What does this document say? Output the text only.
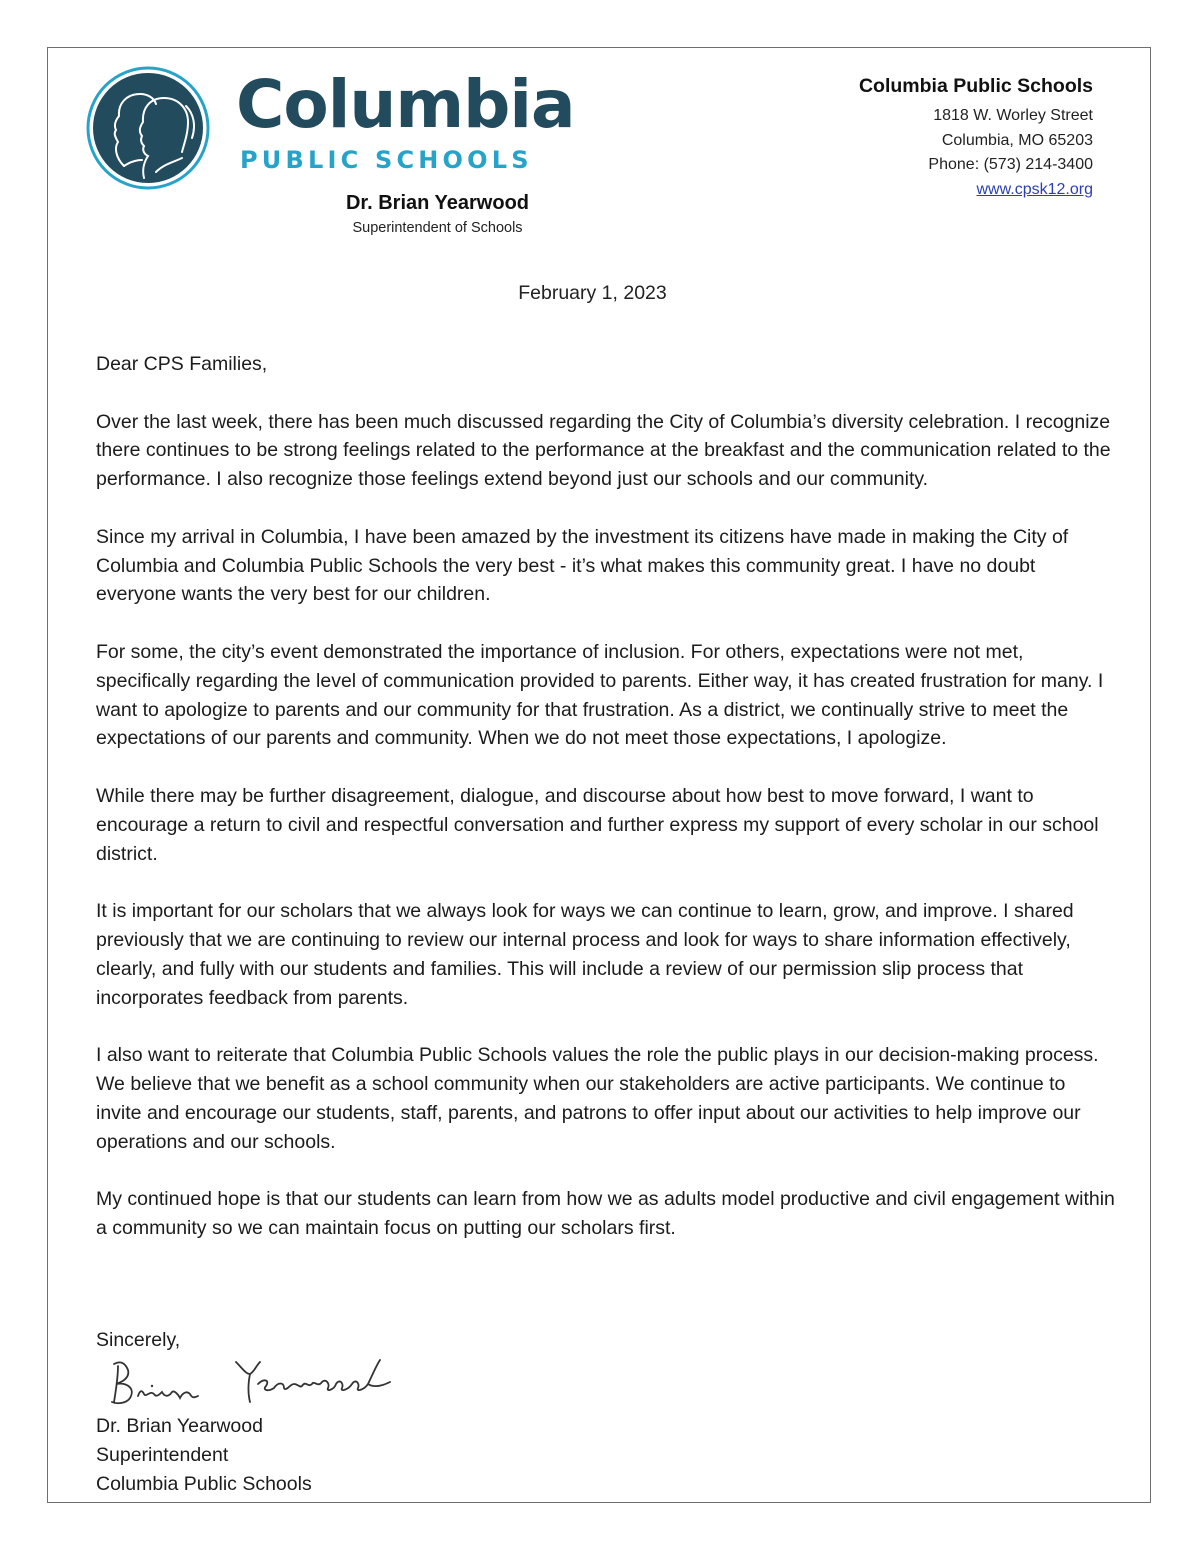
Columbia
PUBLIC SCHOOLS
Dr. Brian Yearwood
Superintendent of Schools
Columbia Public Schools
1818 W. Worley Street
Columbia, MO 65203
Phone: (573) 214-3400
www.cpsk12.org
February 1, 2023

Dear CPS Families,

Over the last week, there has been much discussed regarding the City of Columbia’s diversity celebration. I recognize there continues to be strong feelings related to the performance at the breakfast and the communication related to the performance. I also recognize those feelings extend beyond just our schools and our community.

Since my arrival in Columbia, I have been amazed by the investment its citizens have made in making the City of Columbia and Columbia Public Schools the very best - it’s what makes this community great. I have no doubt everyone wants the very best for our children.

For some, the city’s event demonstrated the importance of inclusion. For others, expectations were not met, specifically regarding the level of communication provided to parents. Either way, it has created frustration for many. I want to apologize to parents and our community for that frustration. As a district, we continually strive to meet the expectations of our parents and community. When we do not meet those expectations, I apologize.

While there may be further disagreement, dialogue, and discourse about how best to move forward, I want to encourage a return to civil and respectful conversation and further express my support of every scholar in our school district.

It is important for our scholars that we always look for ways we can continue to learn, grow, and improve. I shared previously that we are continuing to review our internal process and look for ways to share information effectively, clearly, and fully with our students and families. This will include a review of our permission slip process that incorporates feedback from parents.

I also want to reiterate that Columbia Public Schools values the role the public plays in our decision-making process. We believe that we benefit as a school community when our stakeholders are active participants. We continue to invite and encourage our students, staff, parents, and patrons to offer input about our activities to help improve our operations and our schools.

My continued hope is that our students can learn from how we as adults model productive and civil engagement within a community so we can maintain focus on putting our scholars first.

Sincerely,
Dr. Brian Yearwood
Superintendent
Columbia Public Schools
